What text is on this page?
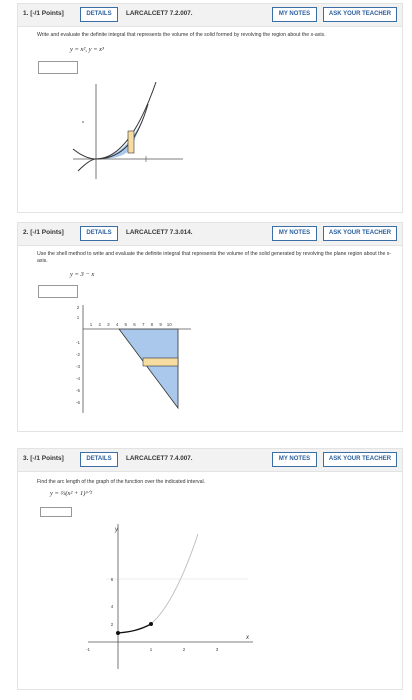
1. [-/1 Points]	DETAILS	LARCALCET7 7.2.007.	MY NOTES	ASK YOUR TEACHER
Write and evaluate the definite integral that represents the volume of the solid formed by revolving the region about the x-axis.
y = x², y = x³
2. [-/1 Points]	DETAILS	LARCALCET7 7.3.014.	MY NOTES	ASK YOUR TEACHER
Use the shell method to write and evaluate the definite integral that represents the volume of the solid generated by revolving the plane region about the x-axis.
y = 3 − x
1 2 3 4 5 6 7 8 9 10
2
1
-1
-2
-3
-4
-5
-6
3. [-/1 Points]	DETAILS	LARCALCET7 7.4.007.	MY NOTES	ASK YOUR TEACHER
Find the arc length of the graph of the function over the indicated interval.
y = ⅔(x² + 1)³ᐟ²
-1	1	2	3
6
4
2
x
y
